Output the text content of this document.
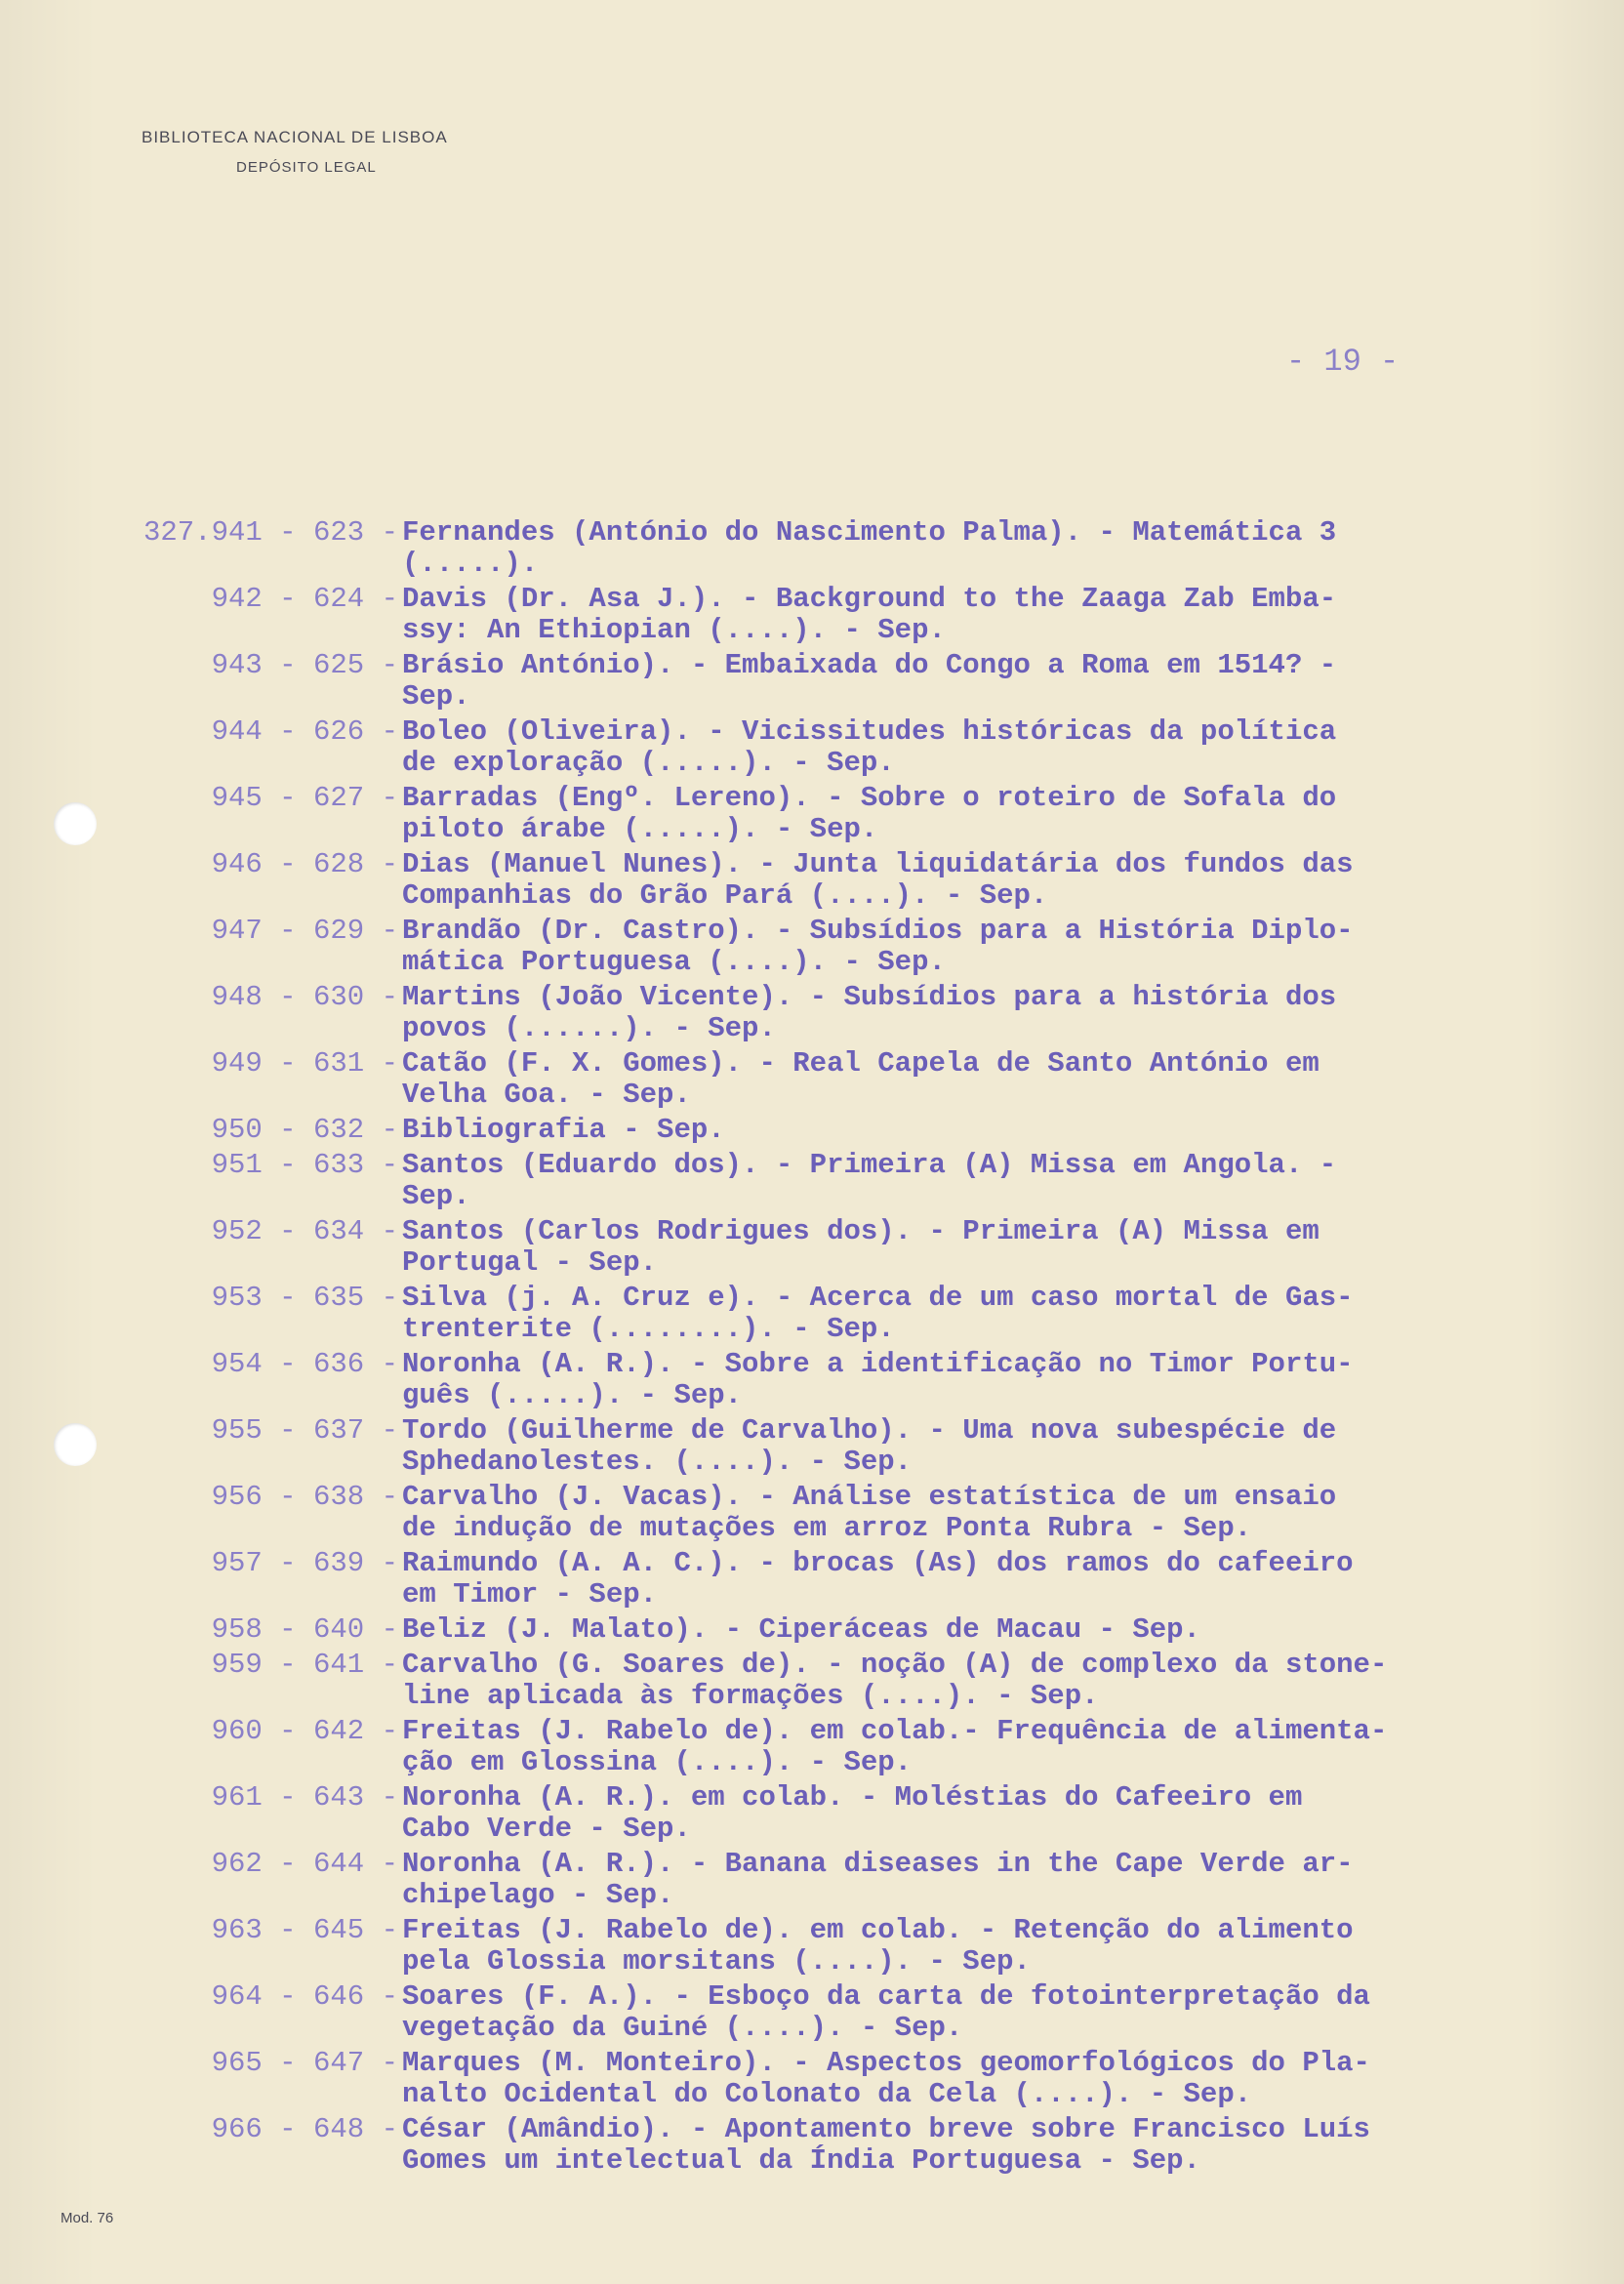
BIBLIOTECA NACIONAL DE LISBOA
DEPÓSITO LEGAL
- 19 -
327.941 - 623 - Fernandes (António do Nascimento Palma). - Matemática 3
(.....).
942 - 624 - Davis (Dr. Asa J.). - Background to the Zaaga Zab Emba-
ssy: An Ethiopian (....). - Sep.
943 - 625 - Brásio António). - Embaixada do Congo a Roma em 1514? -
Sep.
944 - 626 - Boleo (Oliveira). - Vicissitudes históricas da política
de exploração (.....). - Sep.
945 - 627 - Barradas (Engº. Lereno). - Sobre o roteiro de Sofala do
piloto árabe (.....). - Sep.
946 - 628 - Dias (Manuel Nunes). - Junta liquidatária dos fundos das
Companhias do Grão Pará (....). - Sep.
947 - 629 - Brandão (Dr. Castro). - Subsídios para a História Diplo-
mática Portuguesa (....). - Sep.
948 - 630 - Martins (João Vicente). - Subsídios para a história dos
povos (......). - Sep.
949 - 631 - Catão (F. X. Gomes). - Real Capela de Santo António em
Velha Goa. - Sep.
950 - 632 - Bibliografia - Sep.
951 - 633 - Santos (Eduardo dos). - Primeira (A) Missa em Angola. -
Sep.
952 - 634 - Santos (Carlos Rodrigues dos). - Primeira (A) Missa em
Portugal - Sep.
953 - 635 - Silva (j. A. Cruz e). - Acerca de um caso mortal de Gas-
trenterite (........). - Sep.
954 - 636 - Noronha (A. R.). - Sobre a identificação no Timor Portu-
guês (.....). - Sep.
955 - 637 - Tordo (Guilherme de Carvalho). - Uma nova subespécie de
Sphedanolestes. (....). - Sep.
956 - 638 - Carvalho (J. Vacas). - Análise estatística de um ensaio
de indução de mutações em arroz Ponta Rubra - Sep.
957 - 639 - Raimundo (A. A. C.). - brocas (As) dos ramos do cafeeiro
em Timor - Sep.
958 - 640 - Beliz (J. Malato). - Ciperáceas de Macau - Sep.
959 - 641 - Carvalho (G. Soares de). - noção (A) de complexo da stone-
line aplicada às formações (....). - Sep.
960 - 642 - Freitas (J. Rabelo de). em colab.- Frequência de alimenta-
ção em Glossina (....). - Sep.
961 - 643 - Noronha (A. R.). em colab. - Moléstias do Cafeeiro em
Cabo Verde - Sep.
962 - 644 - Noronha (A. R.). - Banana diseases in the Cape Verde ar-
chipelago - Sep.
963 - 645 - Freitas (J. Rabelo de). em colab. - Retenção do alimento
pela Glossia morsitans (....). - Sep.
964 - 646 - Soares (F. A.). - Esboço da carta de fotointerpretação da
vegetação da Guiné (....). - Sep.
965 - 647 - Marques (M. Monteiro). - Aspectos geomorfológicos do Pla-
nalto Ocidental do Colonato da Cela (....). - Sep.
966 - 648 - César (Amândio). - Apontamento breve sobre Francisco Luís
Gomes um intelectual da Índia Portuguesa - Sep.
Mod. 76
